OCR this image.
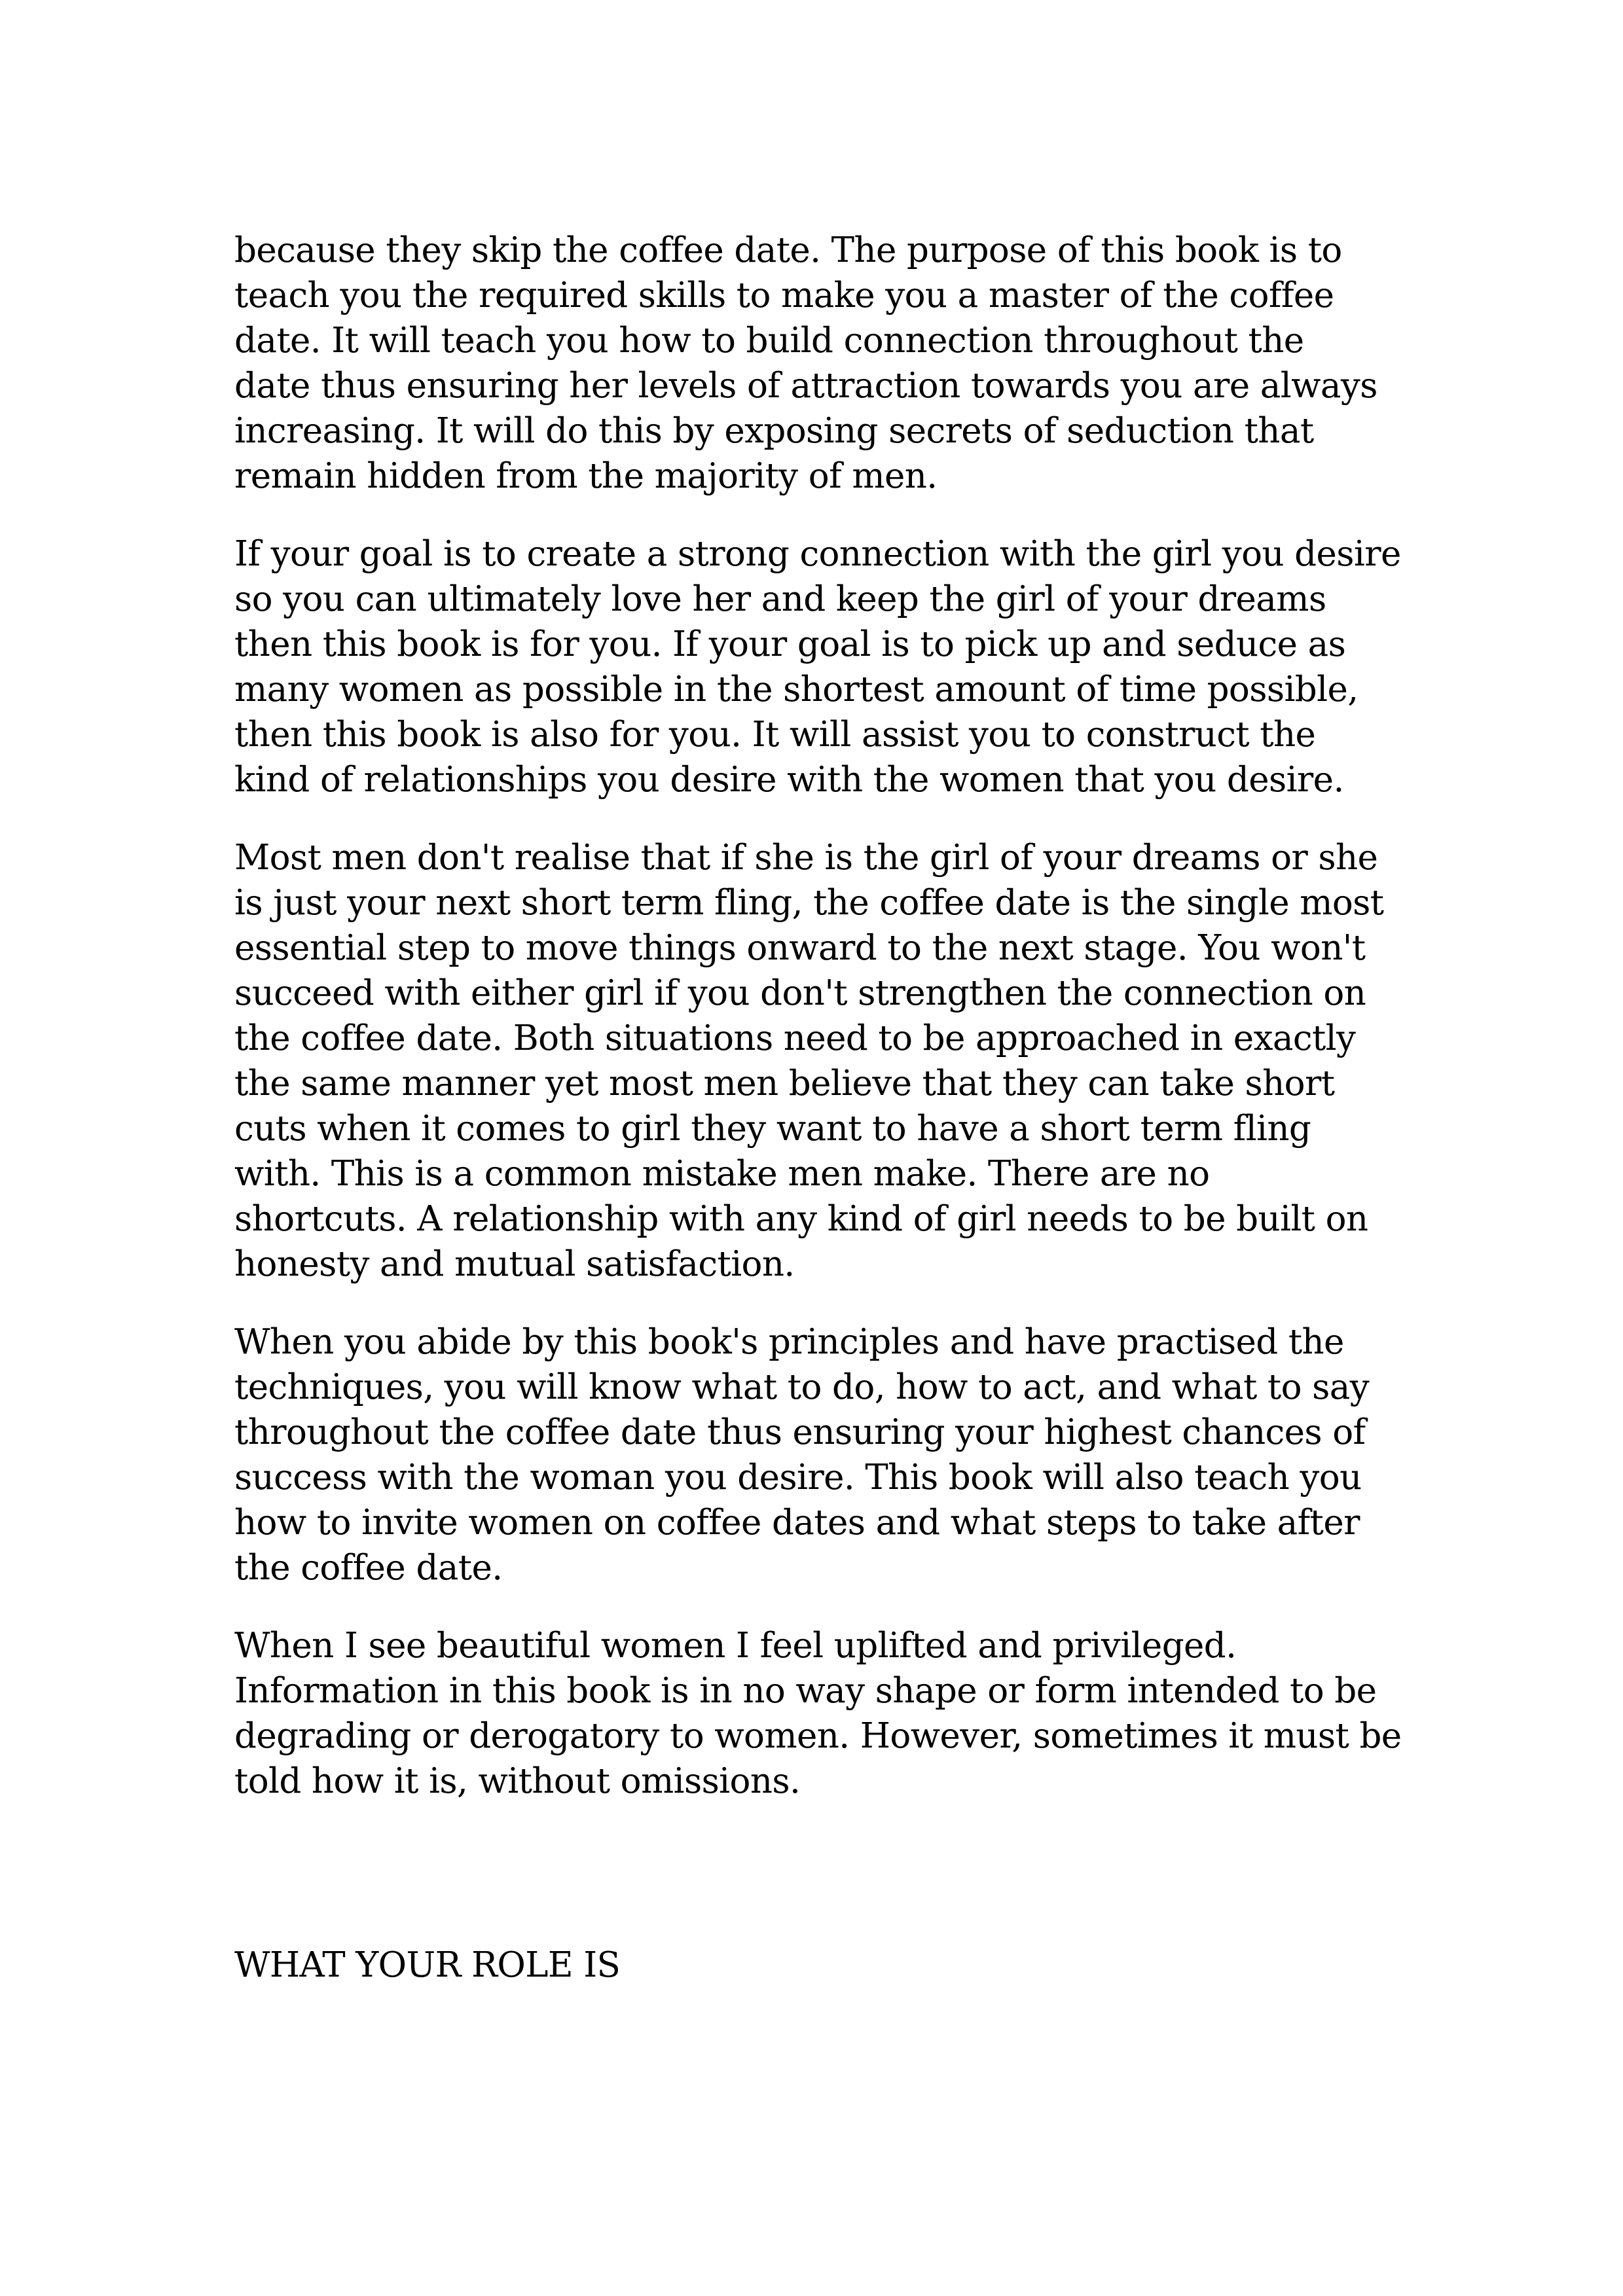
because they skip the coffee date. The purpose of this book is to
teach you the required skills to make you a master of the coffee
date. It will teach you how to build connection throughout the
date thus ensuring her levels of attraction towards you are always
increasing. It will do this by exposing secrets of seduction that
remain hidden from the majority of men.

If your goal is to create a strong connection with the girl you desire
so you can ultimately love her and keep the girl of your dreams
then this book is for you. If your goal is to pick up and seduce as
many women as possible in the shortest amount of time possible,
then this book is also for you. It will assist you to construct the
kind of relationships you desire with the women that you desire.

Most men don't realise that if she is the girl of your dreams or she
is just your next short term fling, the coffee date is the single most
essential step to move things onward to the next stage. You won't
succeed with either girl if you don't strengthen the connection on
the coffee date. Both situations need to be approached in exactly
the same manner yet most men believe that they can take short
cuts when it comes to girl they want to have a short term fling
with. This is a common mistake men make. There are no
shortcuts. A relationship with any kind of girl needs to be built on
honesty and mutual satisfaction.

When you abide by this book's principles and have practised the
techniques, you will know what to do, how to act, and what to say
throughout the coffee date thus ensuring your highest chances of
success with the woman you desire. This book will also teach you
how to invite women on coffee dates and what steps to take after
the coffee date.

When I see beautiful women I feel uplifted and privileged.
Information in this book is in no way shape or form intended to be
degrading or derogatory to women. However, sometimes it must be
told how it is, without omissions.

WHAT YOUR ROLE IS
